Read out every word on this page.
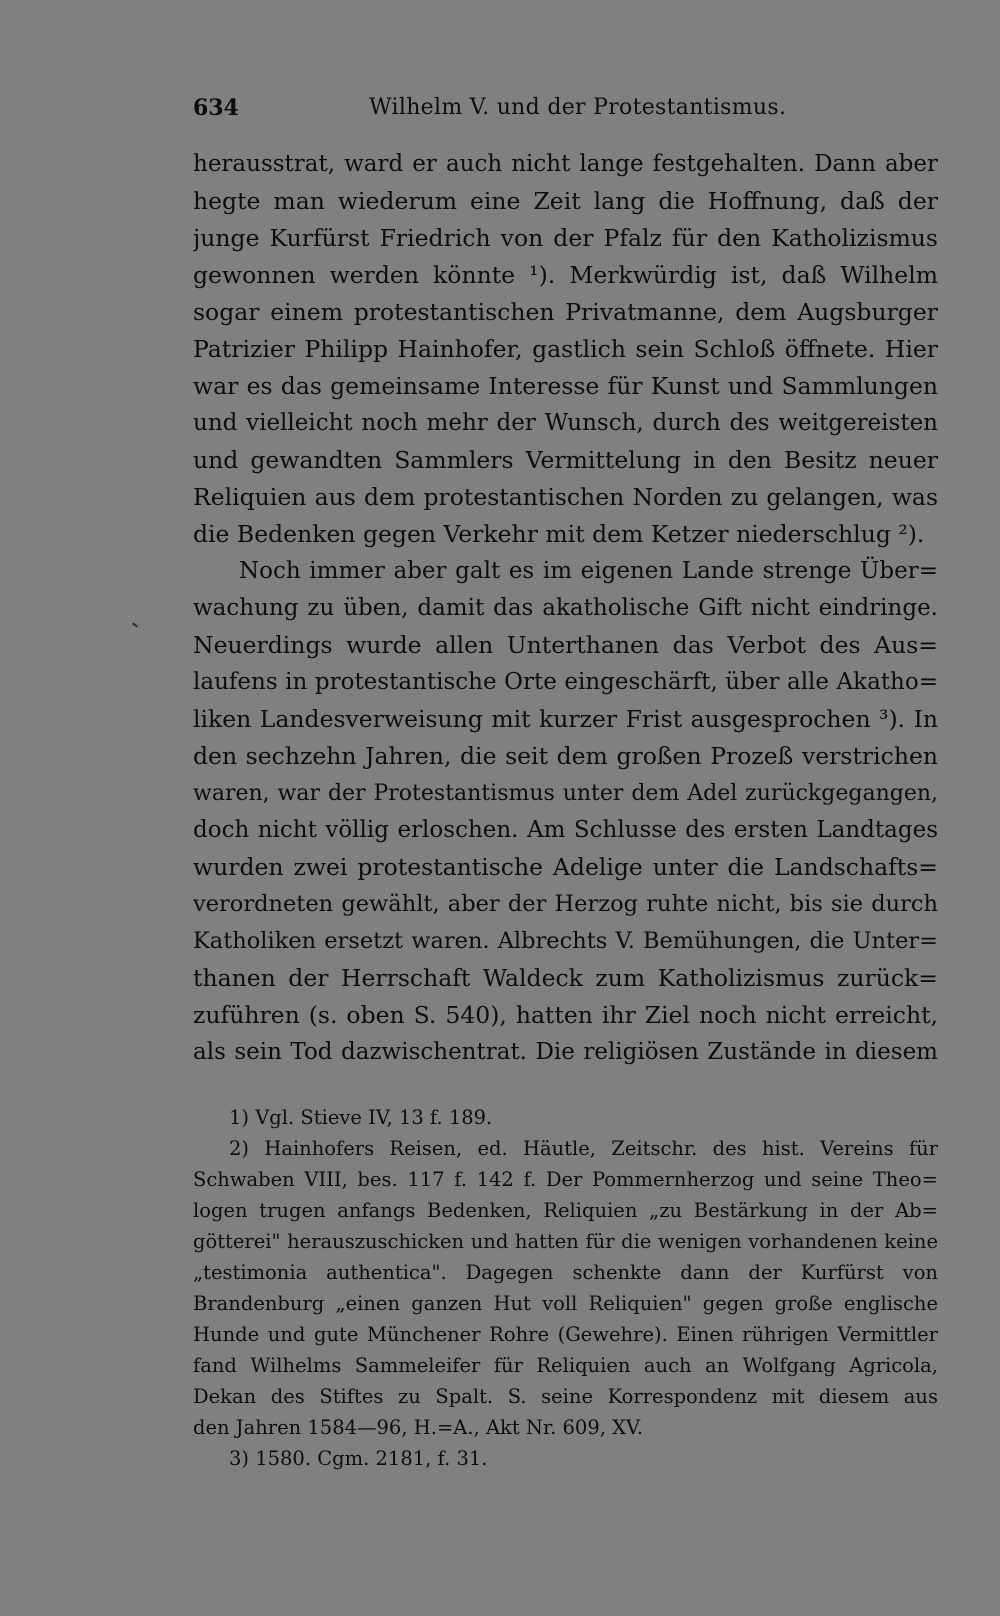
634	Wilhelm V. und der Protestantismus.
herausstrat, ward er auch nicht lange festgehalten. Dann aber
hegte man wiederum eine Zeit lang die Hoffnung, daß der
junge Kurfürst Friedrich von der Pfalz für den Katholizismus
gewonnen werden könnte ¹). Merkwürdig ist, daß Wilhelm
sogar einem protestantischen Privatmanne, dem Augsburger
Patrizier Philipp Hainhofer, gastlich sein Schloß öffnete. Hier
war es das gemeinsame Interesse für Kunst und Sammlungen
und vielleicht noch mehr der Wunsch, durch des weitgereisten
und gewandten Sammlers Vermittelung in den Besitz neuer
Reliquien aus dem protestantischen Norden zu gelangen, was
die Bedenken gegen Verkehr mit dem Ketzer niederschlug ²).
Noch immer aber galt es im eigenen Lande strenge Über=
wachung zu üben, damit das akatholische Gift nicht eindringe.
Neuerdings wurde allen Unterthanen das Verbot des Aus=
laufens in protestantische Orte eingeschärft, über alle Akatho=
liken Landesverweisung mit kurzer Frist ausgesprochen ³). In
den sechzehn Jahren, die seit dem großen Prozeß verstrichen
waren, war der Protestantismus unter dem Adel zurückgegangen,
doch nicht völlig erloschen. Am Schlusse des ersten Landtages
wurden zwei protestantische Adelige unter die Landschafts=
verordneten gewählt, aber der Herzog ruhte nicht, bis sie durch
Katholiken ersetzt waren. Albrechts V. Bemühungen, die Unter=
thanen der Herrschaft Waldeck zum Katholizismus zurück=
zuführen (s. oben S. 540), hatten ihr Ziel noch nicht erreicht,
als sein Tod dazwischentrat. Die religiösen Zustände in diesem
1) Vgl. Stieve IV, 13 f. 189.
2) Hainhofers Reisen, ed. Häutle, Zeitschr. des hist. Vereins für
Schwaben VIII, bes. 117 f. 142 f. Der Pommernherzog und seine Theo=
logen trugen anfangs Bedenken, Reliquien „zu Bestärkung in der Ab=
götterei" herauszuschicken und hatten für die wenigen vorhandenen keine
„testimonia authentica". Dagegen schenkte dann der Kurfürst von
Brandenburg „einen ganzen Hut voll Reliquien" gegen große englische
Hunde und gute Münchener Rohre (Gewehre). Einen rührigen Vermittler
fand Wilhelms Sammeleifer für Reliquien auch an Wolfgang Agricola,
Dekan des Stiftes zu Spalt. S. seine Korrespondenz mit diesem aus
den Jahren 1584—96, H.=A., Akt Nr. 609, XV.
3) 1580. Cgm. 2181, f. 31.
